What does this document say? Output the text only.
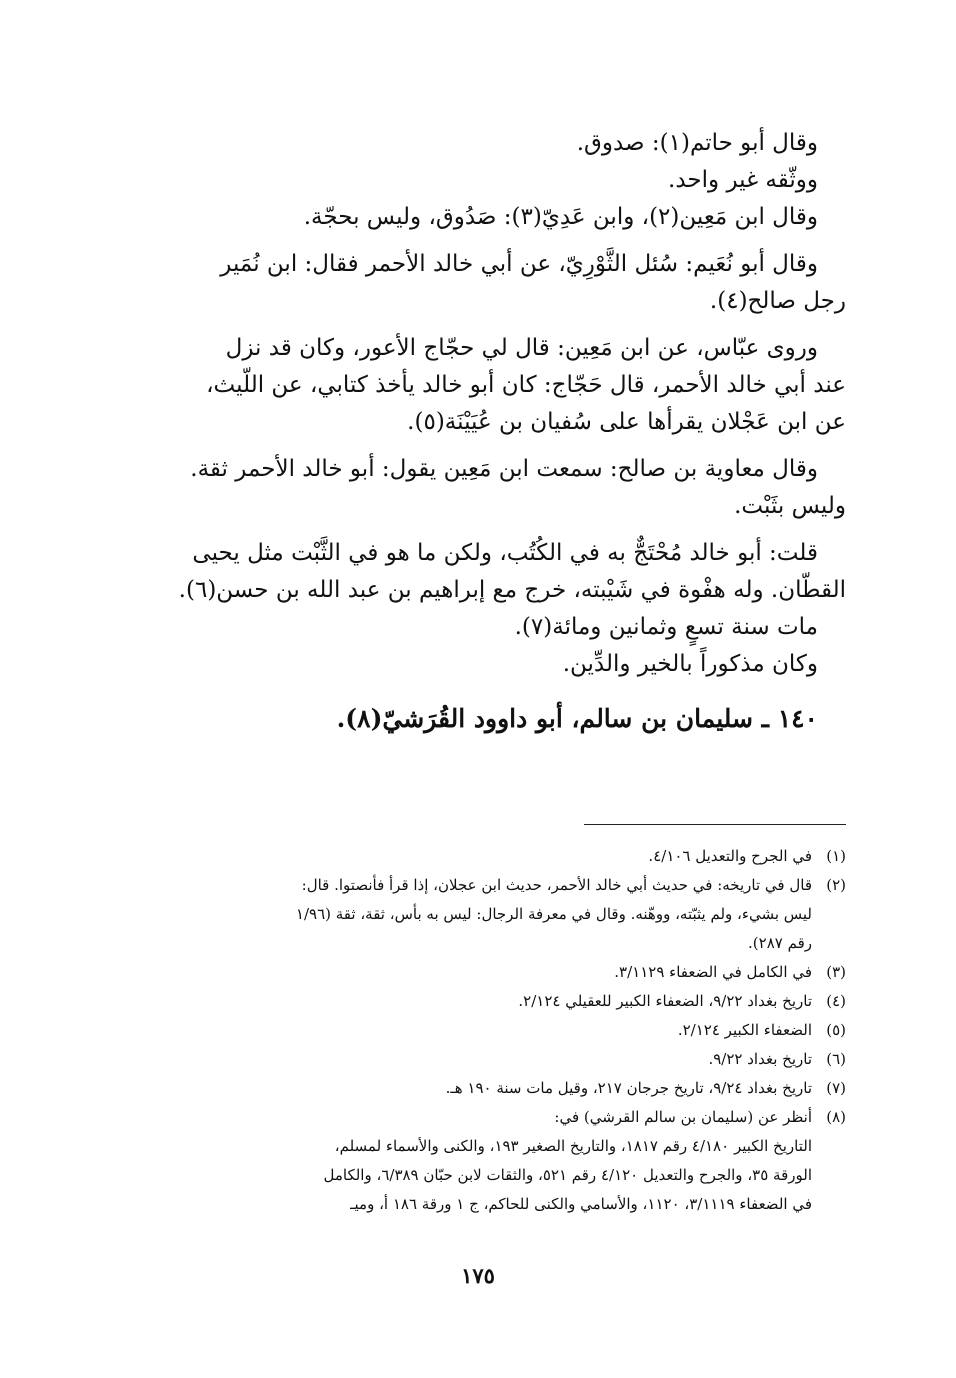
وقال أبو حاتم(١): صدوق.
ووثّقه غير واحد.
وقال ابن مَعِين(٢)، وابن عَدِيّ(٣): صَدُوق، وليس بحجّة.
وقال أبو نُعَيم: سُئل الثَّوْرِيّ، عن أبي خالد الأحمر فقال: ابن نُمَير
رجل صالح(٤).
وروى عبّاس، عن ابن مَعِين: قال لي حجّاج الأعور، وكان قد نزل
عند أبي خالد الأحمر، قال حَجّاج: كان أبو خالد يأخذ كتابي، عن اللَّيث،
عن ابن عَجْلان يقرأها على سُفيان بن عُيَيْنَة(٥).
وقال معاوية بن صالح: سمعت ابن مَعِين يقول: أبو خالد الأحمر ثقة.
وليس بثَبْت.
قلت: أبو خالد مُحْتَجٌّ به في الكُتُب، ولكن ما هو في الثَّبْت مثل يحيى
القطّان. وله هفْوة في شَيْبته، خرج مع إبراهيم بن عبد الله بن حسن(٦).
مات سنة تسعٍ وثمانين ومائة(٧).
وكان مذكوراً بالخير والدِّين.
١٤٠ ـ سليمان بن سالم، أبو داوود القُرَشيّ(٨).
(١)
في الجرح والتعديل ٤/١٠٦.
(٢)
قال في تاريخه: في حديث أبي خالد الأحمر، حديث ابن عجلان، إذا قرأ فأنصتوا. قال:
ليس بشيء، ولم يثبّته، ووهّنه. وقال في معرفة الرجال: ليس به بأس، ثقة، ثقة (١/٩٦
رقم ٢٨٧).
(٣)
في الكامل في الضعفاء ٣/١١٢٩.
(٤)
تاريخ بغداد ٩/٢٢، الضعفاء الكبير للعقيلي ٢/١٢٤.
(٥)
الضعفاء الكبير ٢/١٢٤.
(٦)
تاريخ بغداد ٩/٢٢.
(٧)
تاريخ بغداد ٩/٢٤، تاريخ جرجان ٢١٧، وقيل مات سنة ١٩٠ هـ.
(٨)
أنظر عن (سليمان بن سالم القرشي) في:
التاريخ الكبير ٤/١٨٠ رقم ١٨١٧، والتاريخ الصغير ١٩٣، والكنى والأسماء لمسلم،
الورقة ٣٥، والجرح والتعديل ٤/١٢٠ رقم ٥٢١، والثقات لابن حبّان ٦/٣٨٩، والكامل
في الضعفاء ٣/١١١٩، ١١٢٠، والأسامي والكنى للحاكم، ج ١ ورقة ١٨٦ أ، وميـ
١٧٥
